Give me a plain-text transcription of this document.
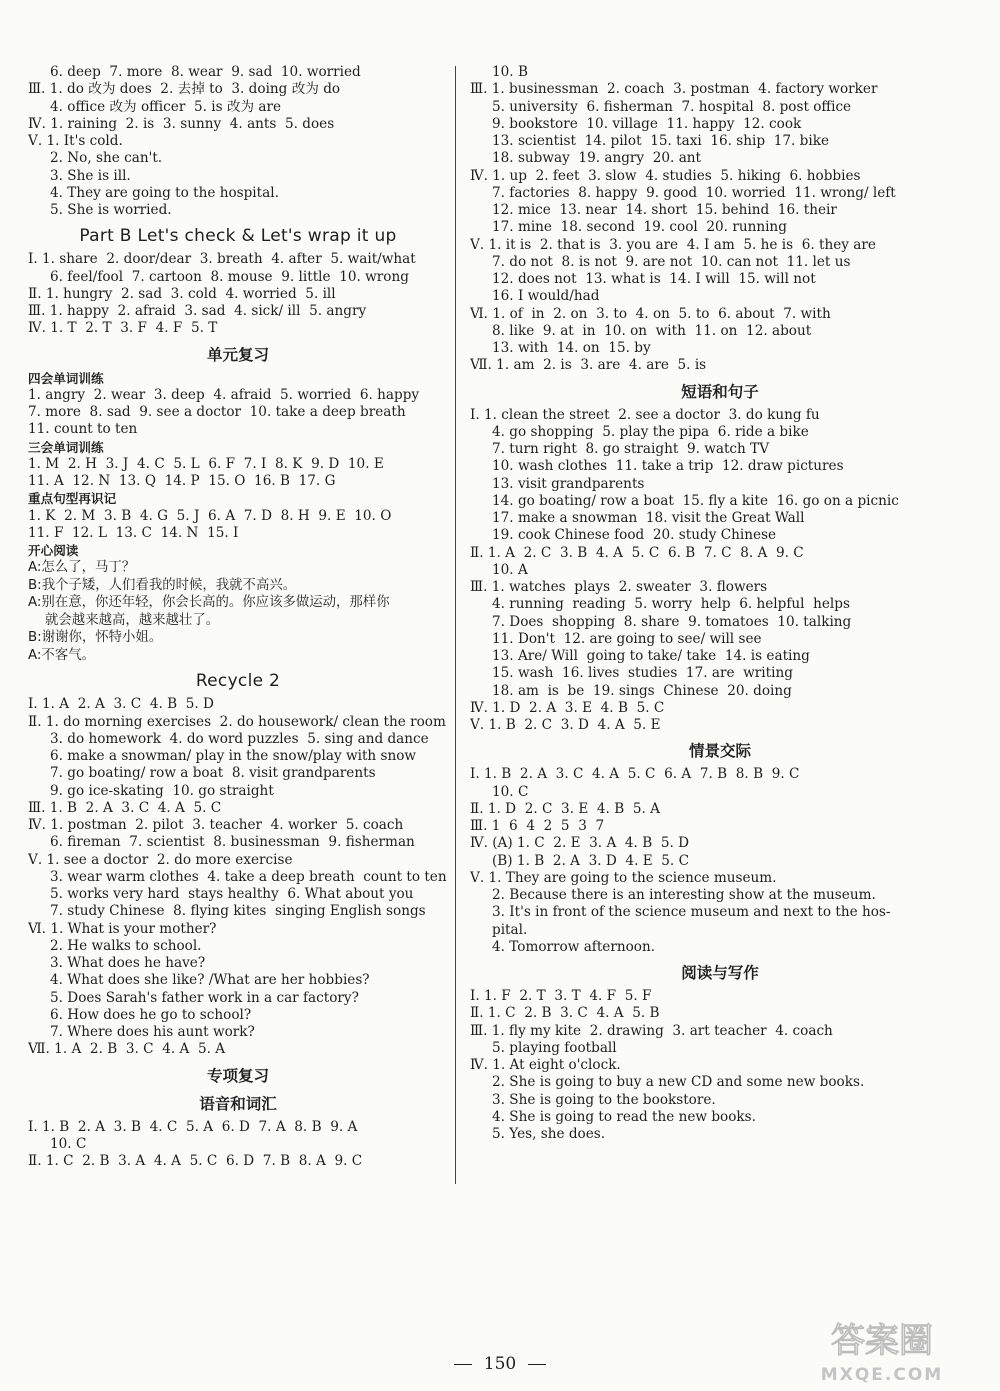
6. deep  7. more  8. wear  9. sad  10. worried
Ⅲ. 1. do 改为 does  2. 去掉 to  3. doing 改为 do
4. office 改为 officer  5. is 改为 are
Ⅳ. 1. raining  2. is  3. sunny  4. ants  5. does
Ⅴ. 1. It's cold.
2. No, she can't.
3. She is ill.
4. They are going to the hospital.
5. She is worried.
Part B Let's check & Let's wrap it up
Ⅰ. 1. share  2. door/dear  3. breath  4. after  5. wait/what
6. feel/fool  7. cartoon  8. mouse  9. little  10. wrong
Ⅱ. 1. hungry  2. sad  3. cold  4. worried  5. ill
Ⅲ. 1. happy  2. afraid  3. sad  4. sick/ ill  5. angry
Ⅳ. 1. T  2. T  3. F  4. F  5. T
单元复习
四会单词训练
1. angry  2. wear  3. deep  4. afraid  5. worried  6. happy
7. more  8. sad  9. see a doctor  10. take a deep breath
11. count to ten
三会单词训练
1. M  2. H  3. J  4. C  5. L  6. F  7. I  8. K  9. D  10. E
11. A  12. N  13. Q  14. P  15. O  16. B  17. G
重点句型再识记
1. K  2. M  3. B  4. G  5. J  6. A  7. D  8. H  9. E  10. O
11. F  12. L  13. C  14. N  15. I
开心阅读
A:怎么了，马丁？
B:我个子矮，人们看我的时候，我就不高兴。
A:别在意，你还年轻，你会长高的。你应该多做运动，那样你
就会越来越高，越来越壮了。
B:谢谢你，怀特小姐。
A:不客气。
Recycle 2
Ⅰ. 1. A  2. A  3. C  4. B  5. D
Ⅱ. 1. do morning exercises  2. do housework/ clean the room
3. do homework  4. do word puzzles  5. sing and dance
6. make a snowman/ play in the snow/play with snow
7. go boating/ row a boat  8. visit grandparents
9. go ice-skating  10. go straight
Ⅲ. 1. B  2. A  3. C  4. A  5. C
Ⅳ. 1. postman  2. pilot  3. teacher  4. worker  5. coach
6. fireman  7. scientist  8. businessman  9. fisherman
Ⅴ. 1. see a doctor  2. do more exercise
3. wear warm clothes  4. take a deep breath  count to ten
5. works very hard  stays healthy  6. What about you
7. study Chinese  8. flying kites  singing English songs
Ⅵ. 1. What is your mother?
2. He walks to school.
3. What does he have?
4. What does she like? /What are her hobbies?
5. Does Sarah's father work in a car factory?
6. How does he go to school?
7. Where does his aunt work?
Ⅶ. 1. A  2. B  3. C  4. A  5. A
专项复习
语音和词汇
Ⅰ. 1. B  2. A  3. B  4. C  5. A  6. D  7. A  8. B  9. A
10. C
Ⅱ. 1. C  2. B  3. A  4. A  5. C  6. D  7. B  8. A  9. C
10. B
Ⅲ. 1. businessman  2. coach  3. postman  4. factory worker
5. university  6. fisherman  7. hospital  8. post office
9. bookstore  10. village  11. happy  12. cook
13. scientist  14. pilot  15. taxi  16. ship  17. bike
18. subway  19. angry  20. ant
Ⅳ. 1. up  2. feet  3. slow  4. studies  5. hiking  6. hobbies
7. factories  8. happy  9. good  10. worried  11. wrong/ left
12. mice  13. near  14. short  15. behind  16. their
17. mine  18. second  19. cool  20. running
Ⅴ. 1. it is  2. that is  3. you are  4. I am  5. he is  6. they are
7. do not  8. is not  9. are not  10. can not  11. let us
12. does not  13. what is  14. I will  15. will not
16. I would/had
Ⅵ. 1. of  in  2. on  3. to  4. on  5. to  6. about  7. with
8. like  9. at  in  10. on  with  11. on  12. about
13. with  14. on  15. by
Ⅶ. 1. am  2. is  3. are  4. are  5. is
短语和句子
Ⅰ. 1. clean the street  2. see a doctor  3. do kung fu
4. go shopping  5. play the pipa  6. ride a bike
7. turn right  8. go straight  9. watch TV
10. wash clothes  11. take a trip  12. draw pictures
13. visit grandparents
14. go boating/ row a boat  15. fly a kite  16. go on a picnic
17. make a snowman  18. visit the Great Wall
19. cook Chinese food  20. study Chinese
Ⅱ. 1. A  2. C  3. B  4. A  5. C  6. B  7. C  8. A  9. C
10. A
Ⅲ. 1. watches  plays  2. sweater  3. flowers
4. running  reading  5. worry  help  6. helpful  helps
7. Does  shopping  8. share  9. tomatoes  10. talking
11. Don't  12. are going to see/ will see
13. Are/ Will  going to take/ take  14. is eating
15. wash  16. lives  studies  17. are  writing
18. am  is  be  19. sings  Chinese  20. doing
Ⅳ. 1. D  2. A  3. E  4. B  5. C
Ⅴ. 1. B  2. C  3. D  4. A  5. E
情景交际
Ⅰ. 1. B  2. A  3. C  4. A  5. C  6. A  7. B  8. B  9. C
10. C
Ⅱ. 1. D  2. C  3. E  4. B  5. A
Ⅲ. 1  6  4  2  5  3  7
Ⅳ. (A) 1. C  2. E  3. A  4. B  5. D
(B) 1. B  2. A  3. D  4. E  5. C
Ⅴ. 1. They are going to the science museum.
2. Because there is an interesting show at the museum.
3. It's in front of the science museum and next to the hos-
pital.
4. Tomorrow afternoon.
阅读与写作
Ⅰ. 1. F  2. T  3. T  4. F  5. F
Ⅱ. 1. C  2. B  3. C  4. A  5. B
Ⅲ. 1. fly my kite  2. drawing  3. art teacher  4. coach
5. playing football
Ⅳ. 1. At eight o'clock.
2. She is going to buy a new CD and some new books.
3. She is going to the bookstore.
4. She is going to read the new books.
5. Yes, she does.
150
答案圈
MXQE.COM
